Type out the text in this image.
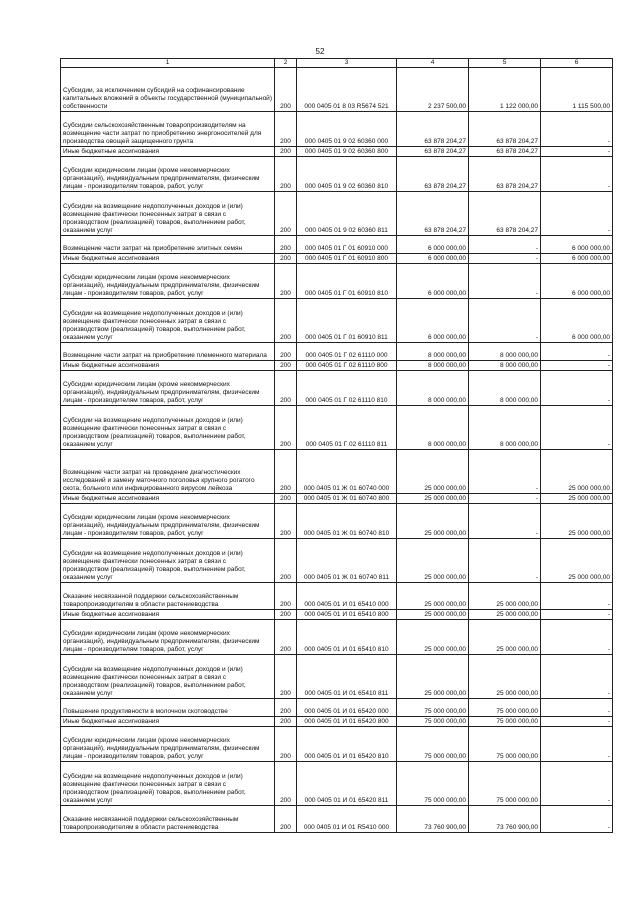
52
1	2	3	4	5	6
Субсидии, за исключением субсидий на софинансирование капитальных вложений в объекты государственной (муниципальной) собственности	200	000 0405 01 8 03 R5674 521	2 237 500,00	1 122 000,00	1 115 500,00
Субсидии сельскохозяйственным товаропроизводителям на возмещение части затрат по приобретению энергоносителей для производства овощей защищенного грунта	200	000 0405 01 9 02 60360 000	63 878 204,27	63 878 204,27	-
Иные бюджетные ассигнования	200	000 0405 01 9 02 60360 800	63 878 204,27	63 878 204,27	-
Субсидии юридическим лицам (кроме некоммерческих организаций), индивидуальным предпринимателям, физическим лицам - производителям товаров, работ, услуг	200	000 0405 01 9 02 60360 810	63 878 204,27	63 878 204,27	-
Субсидии на возмещение недополученных доходов и (или) возмещение фактически понесенных затрат в связи с производством (реализацией) товаров, выполнением работ, оказанием услуг	200	000 0405 01 9 02 60360 811	63 878 204,27	63 878 204,27	-
Возмещение части затрат на приобретение элитных семян	200	000 0405 01 Г 01 60910 000	6 000 000,00	-	6 000 000,00
Иные бюджетные ассигнования	200	000 0405 01 Г 01 60910 800	6 000 000,00	-	6 000 000,00
Субсидии юридическим лицам (кроме некоммерческих организаций), индивидуальным предпринимателям, физическим лицам - производителям товаров, работ, услуг	200	000 0405 01 Г 01 60910 810	6 000 000,00	-	6 000 000,00
Субсидии на возмещение недополученных доходов и (или) возмещение фактически понесенных затрат в связи с производством (реализацией) товаров, выполнением работ, оказанием услуг	200	000 0405 01 Г 01 60910 811	6 000 000,00	-	6 000 000,00
Возмещение части затрат на приобретение племенного материала	200	000 0405 01 Г 02 61110 000	8 000 000,00	8 000 000,00	-
Иные бюджетные ассигнования	200	000 0405 01 Г 02 61110 800	8 000 000,00	8 000 000,00	-
Субсидии юридическим лицам (кроме некоммерческих организаций), индивидуальным предпринимателям, физическим лицам - производителям товаров, работ, услуг	200	000 0405 01 Г 02 61110 810	8 000 000,00	8 000 000,00	-
Субсидии на возмещение недополученных доходов и (или) возмещение фактически понесенных затрат в связи с производством (реализацией) товаров, выполнением работ, оказанием услуг	200	000 0405 01 Г 02 61110 811	8 000 000,00	8 000 000,00	-
Возмещение части затрат на проведение диагностических исследований и замену маточного поголовья крупного рогатого скота, больного или инфицированного вирусом лейкоза	200	000 0405 01 Ж 01 60740 000	25 000 000,00	-	25 000 000,00
Иные бюджетные ассигнования	200	000 0405 01 Ж 01 60740 800	25 000 000,00	-	25 000 000,00
Субсидии юридическим лицам (кроме некоммерческих организаций), индивидуальным предпринимателям, физическим лицам - производителям товаров, работ, услуг	200	000 0405 01 Ж 01 60740 810	25 000 000,00	-	25 000 000,00
Субсидии на возмещение недополученных доходов и (или) возмещение фактически понесенных затрат в связи с производством (реализацией) товаров, выполнением работ, оказанием услуг	200	000 0405 01 Ж 01 60740 811	25 000 000,00	-	25 000 000,00
Оказание несвязанной поддержки сельскохозяйственным товаропроизводителям в области растениеводства	200	000 0405 01 И 01 65410 000	25 000 000,00	25 000 000,00	-
Иные бюджетные ассигнования	200	000 0405 01 И 01 65410 800	25 000 000,00	25 000 000,00	-
Субсидии юридическим лицам (кроме некоммерческих организаций), индивидуальным предпринимателям, физическим лицам - производителям товаров, работ, услуг	200	000 0405 01 И 01 65410 810	25 000 000,00	25 000 000,00	-
Субсидии на возмещение недополученных доходов и (или) возмещение фактически понесенных затрат в связи с производством (реализацией) товаров, выполнением работ, оказанием услуг	200	000 0405 01 И 01 65410 811	25 000 000,00	25 000 000,00	-
Повышение продуктивности в молочном скотоводстве	200	000 0405 01 И 01 65420 000	75 000 000,00	75 000 000,00	-
Иные бюджетные ассигнования	200	000 0405 01 И 01 65420 800	75 000 000,00	75 000 000,00	-
Субсидии юридическим лицам (кроме некоммерческих организаций), индивидуальным предпринимателям, физическим лицам - производителям товаров, работ, услуг	200	000 0405 01 И 01 65420 810	75 000 000,00	75 000 000,00	-
Субсидии на возмещение недополученных доходов и (или) возмещение фактически понесенных затрат в связи с производством (реализацией) товаров, выполнением работ, оказанием услуг	200	000 0405 01 И 01 65420 811	75 000 000,00	75 000 000,00	-
Оказание несвязанной поддержки сельскохозяйственным товаропроизводителям в области растениеводства	200	000 0405 01 И 01 R5410 000	73 760 900,00	73 760 900,00	-
